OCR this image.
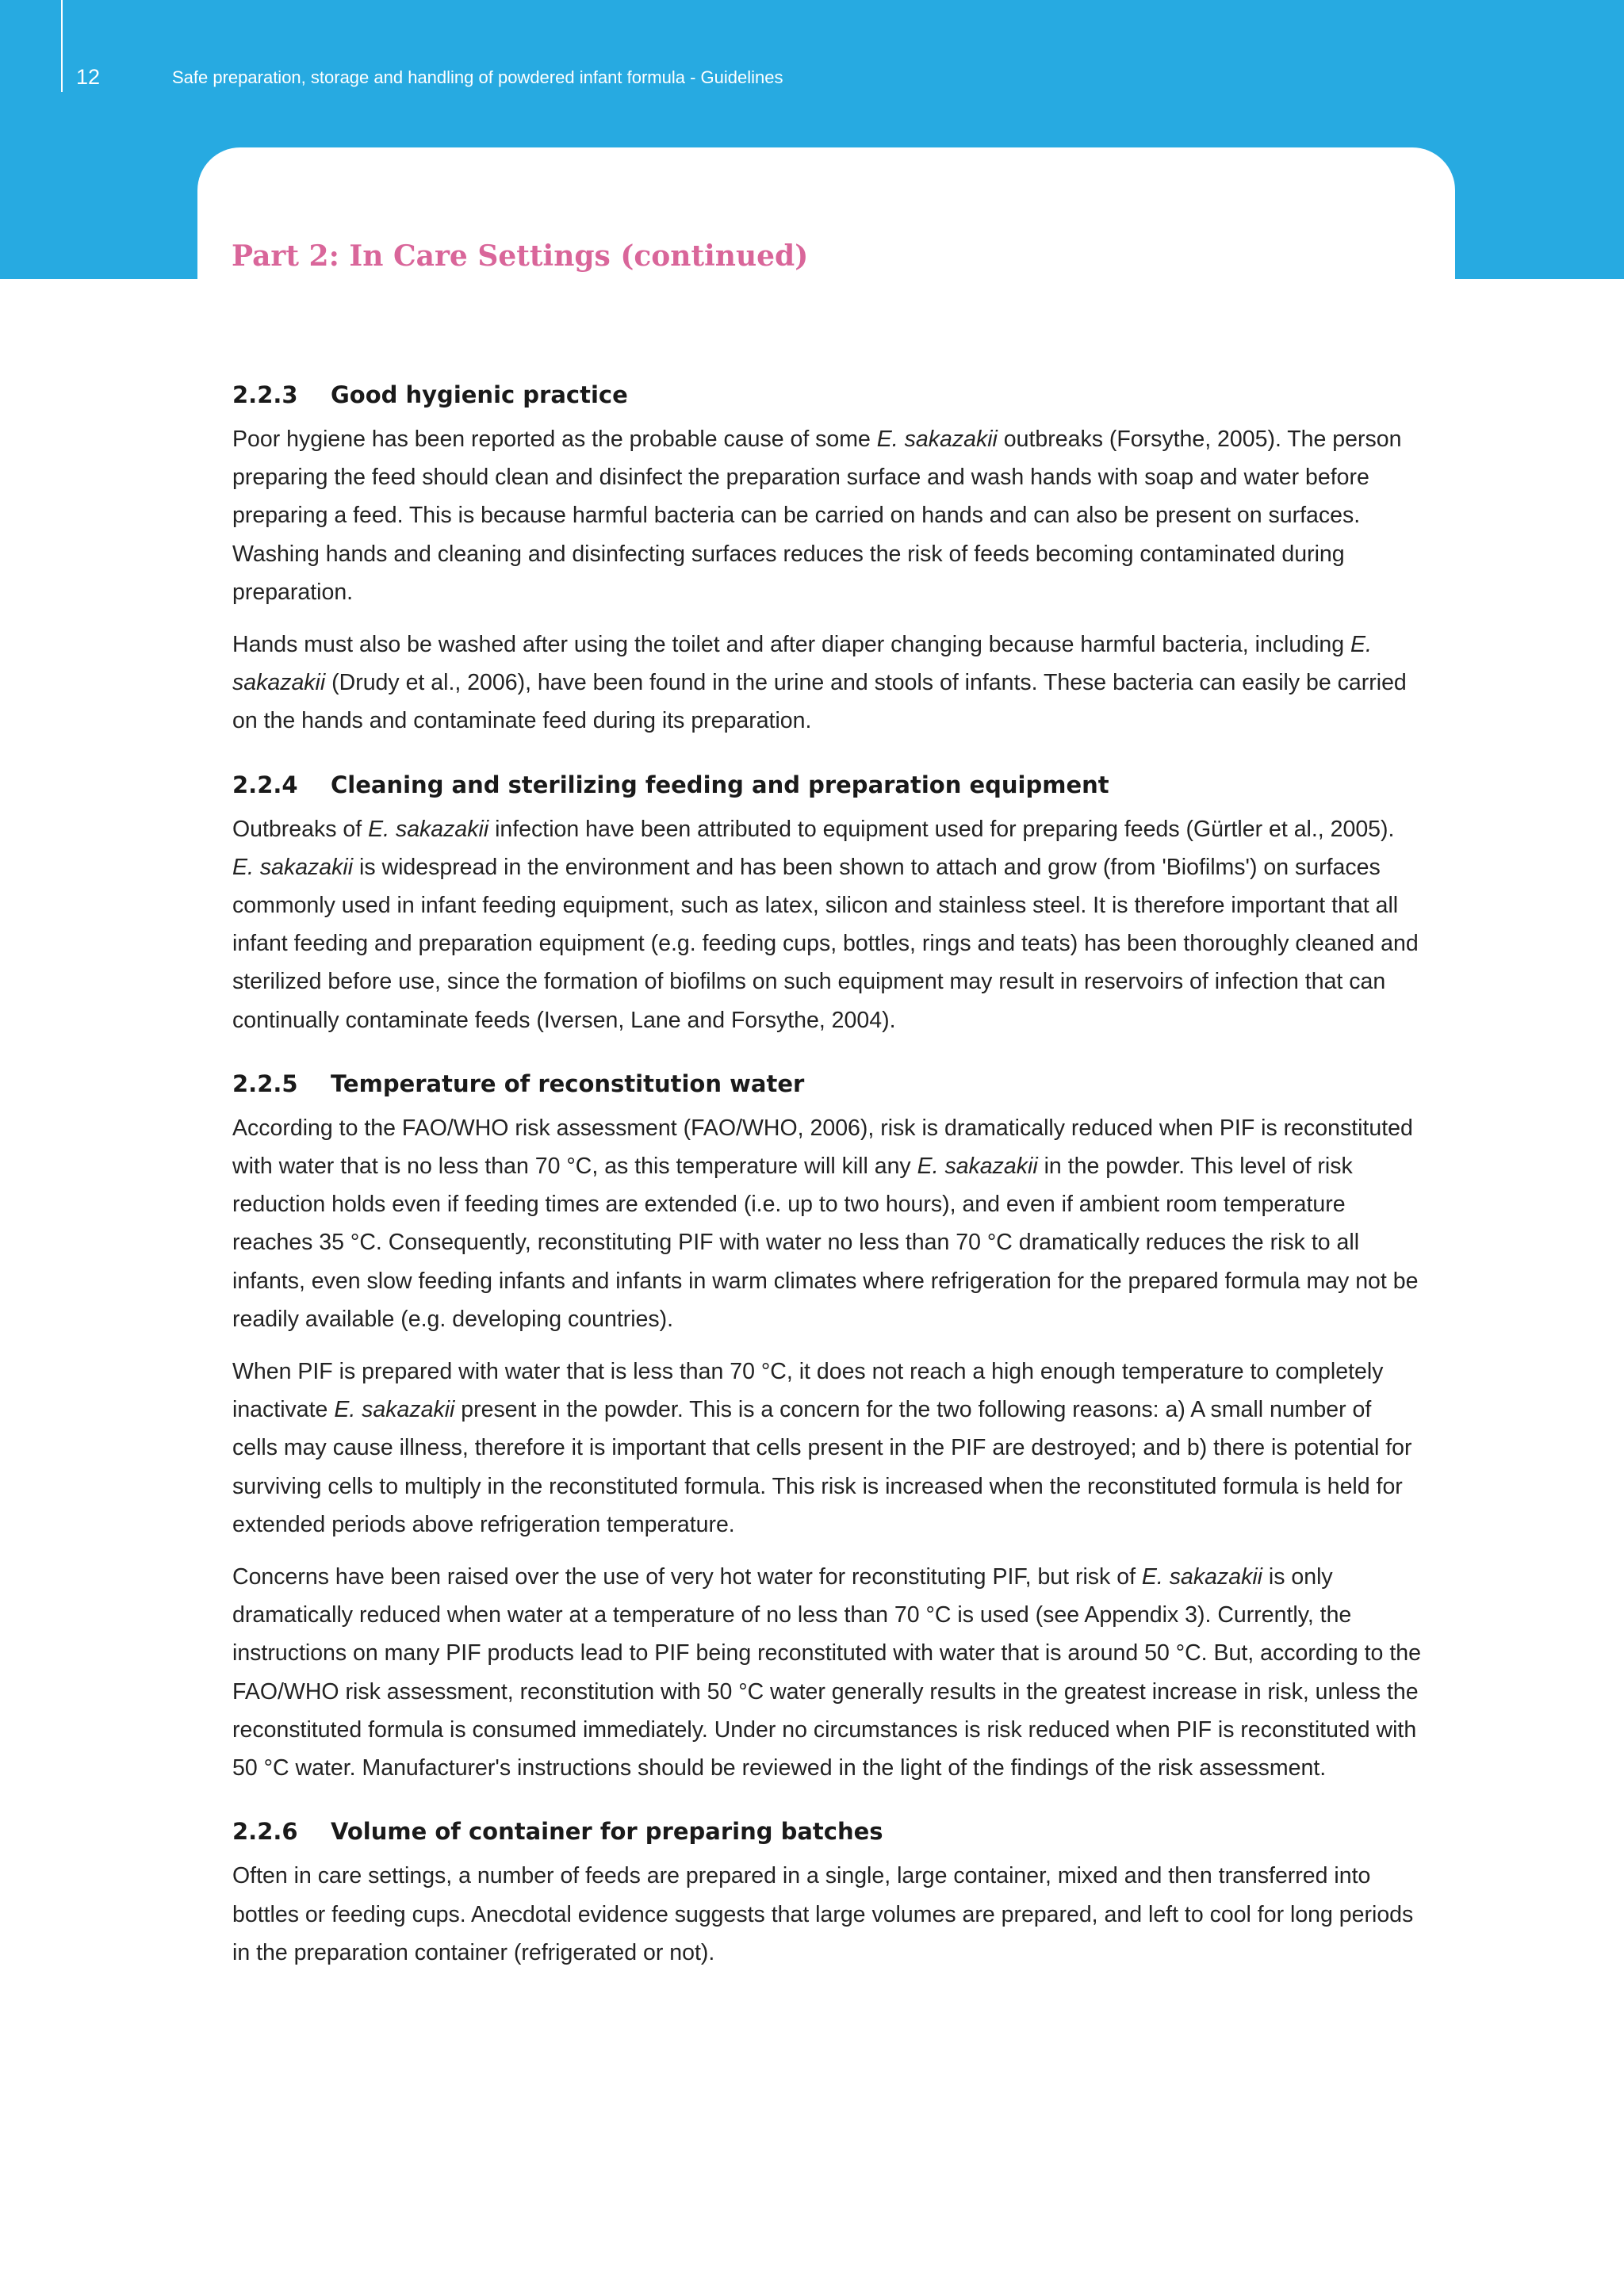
12	Safe preparation, storage and handling of powdered infant formula - Guidelines
Part 2: In Care Settings (continued)
2.2.3 Good hygienic practice

Poor hygiene has been reported as the probable cause of some E. sakazakii outbreaks (Forsythe, 2005). The person preparing the feed should clean and disinfect the preparation surface and wash hands with soap and water before preparing a feed. This is because harmful bacteria can be carried on hands and can also be present on surfaces. Washing hands and cleaning and disinfecting surfaces reduces the risk of feeds becoming contaminated during preparation.

Hands must also be washed after using the toilet and after diaper changing because harmful bacteria, including E. sakazakii (Drudy et al., 2006), have been found in the urine and stools of infants. These bacteria can easily be carried on the hands and contaminate feed during its preparation.

2.2.4 Cleaning and sterilizing feeding and preparation equipment

Outbreaks of E. sakazakii infection have been attributed to equipment used for preparing feeds (Gürtler et al., 2005). E. sakazakii is widespread in the environment and has been shown to attach and grow (from 'Biofilms') on surfaces commonly used in infant feeding equipment, such as latex, silicon and stainless steel. It is therefore important that all infant feeding and preparation equipment (e.g. feeding cups, bottles, rings and teats) has been thoroughly cleaned and sterilized before use, since the formation of biofilms on such equipment may result in reservoirs of infection that can continually contaminate feeds (Iversen, Lane and Forsythe, 2004).

2.2.5 Temperature of reconstitution water

According to the FAO/WHO risk assessment (FAO/WHO, 2006), risk is dramatically reduced when PIF is reconstituted with water that is no less than 70 °C, as this temperature will kill any E. sakazakii in the powder. This level of risk reduction holds even if feeding times are extended (i.e. up to two hours), and even if ambient room temperature reaches 35 °C. Consequently, reconstituting PIF with water no less than 70 °C dramatically reduces the risk to all infants, even slow feeding infants and infants in warm climates where refrigeration for the prepared formula may not be readily available (e.g. developing countries).

When PIF is prepared with water that is less than 70 °C, it does not reach a high enough temperature to completely inactivate E. sakazakii present in the powder. This is a concern for the two following reasons: a) A small number of cells may cause illness, therefore it is important that cells present in the PIF are destroyed; and b) there is potential for surviving cells to multiply in the reconstituted formula. This risk is increased when the reconstituted formula is held for extended periods above refrigeration temperature.

Concerns have been raised over the use of very hot water for reconstituting PIF, but risk of E. sakazakii is only dramatically reduced when water at a temperature of no less than 70 °C is used (see Appendix 3). Currently, the instructions on many PIF products lead to PIF being reconstituted with water that is around 50 °C. But, according to the FAO/WHO risk assessment, reconstitution with 50 °C water generally results in the greatest increase in risk, unless the reconstituted formula is consumed immediately. Under no circumstances is risk reduced when PIF is reconstituted with 50 °C water. Manufacturer's instructions should be reviewed in the light of the findings of the risk assessment.

2.2.6 Volume of container for preparing batches

Often in care settings, a number of feeds are prepared in a single, large container, mixed and then transferred into bottles or feeding cups. Anecdotal evidence suggests that large volumes are prepared, and left to cool for long periods in the preparation container (refrigerated or not).
